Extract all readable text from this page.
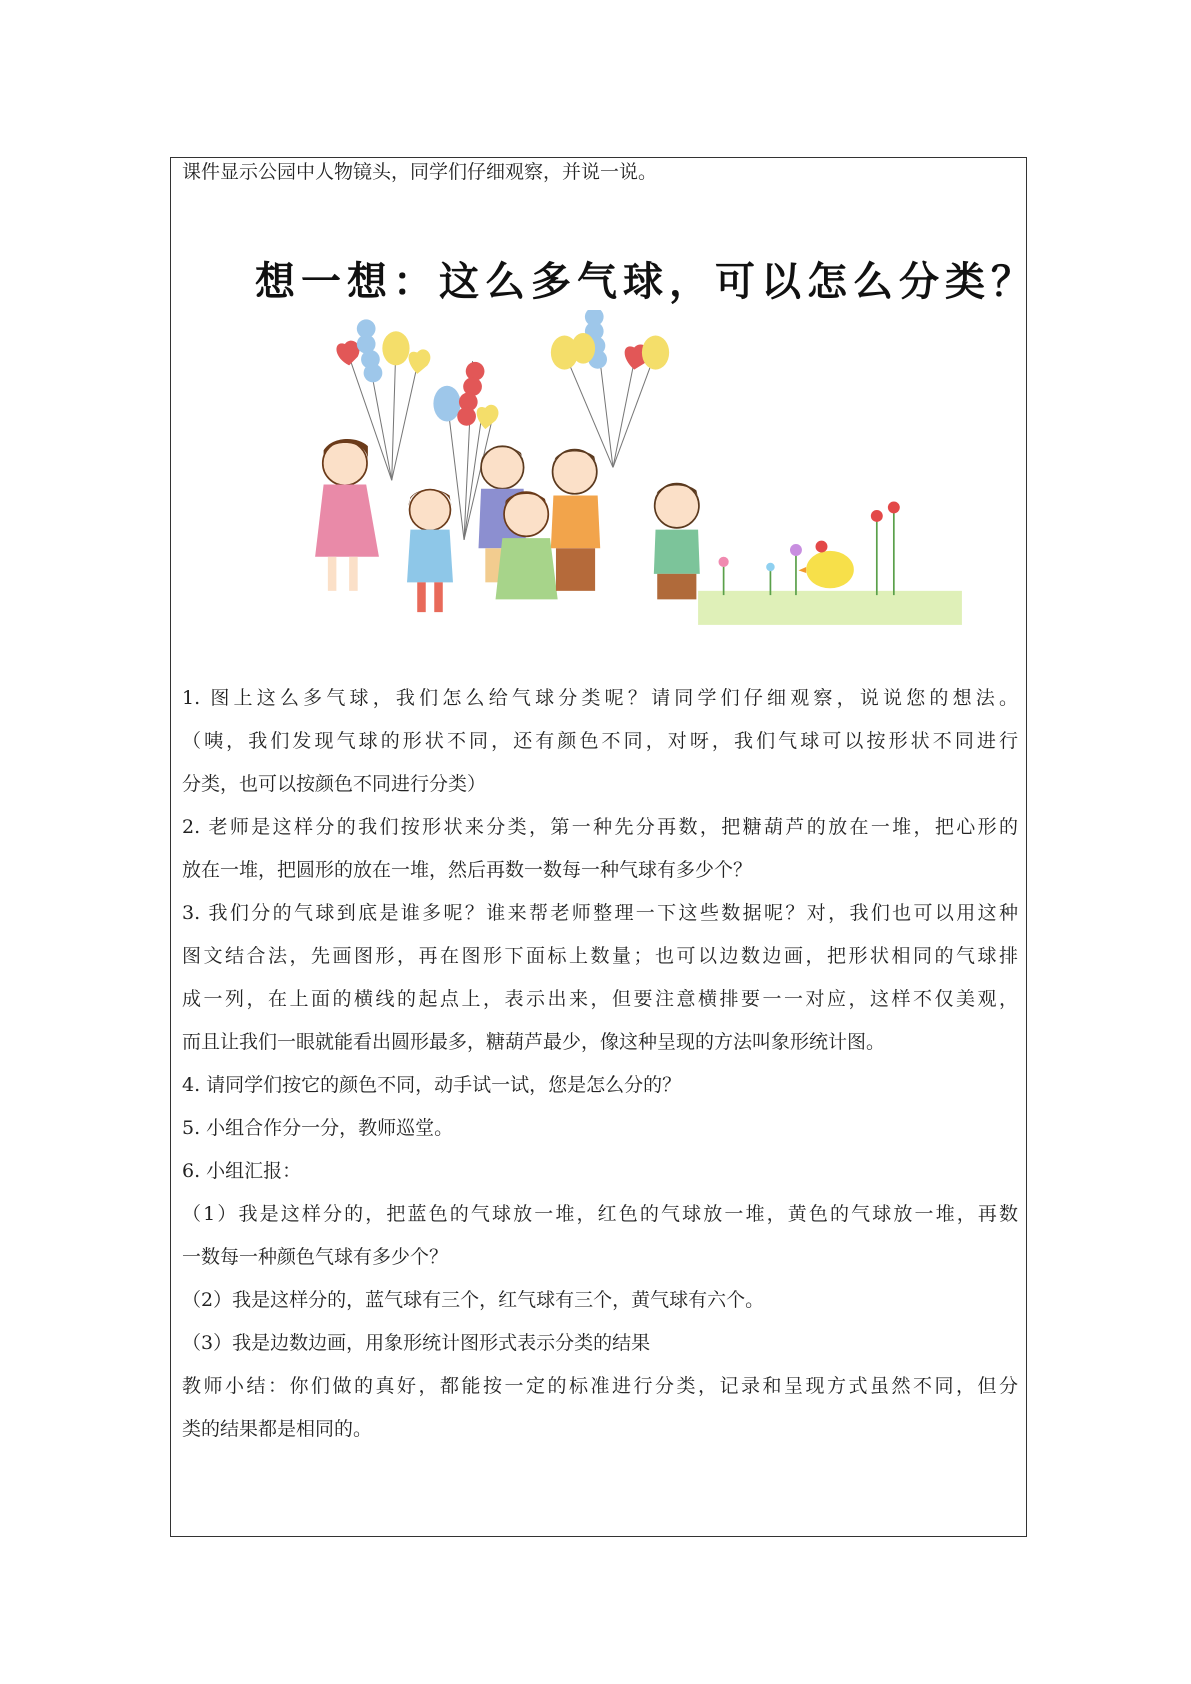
课件显示公园中人物镜头，同学们仔细观察，并说一说。
想一想：这么多气球，可以怎么分类？
1. 图上这么多气球，我们怎么给气球分类呢？请同学们仔细观察，说说您的想法。
（咦，我们发现气球的形状不同，还有颜色不同，对呀，我们气球可以按形状不同进行
分类，也可以按颜色不同进行分类）
2. 老师是这样分的我们按形状来分类，第一种先分再数，把糖葫芦的放在一堆，把心形的
放在一堆，把圆形的放在一堆，然后再数一数每一种气球有多少个？
3. 我们分的气球到底是谁多呢？谁来帮老师整理一下这些数据呢？对，我们也可以用这种
图文结合法，先画图形，再在图形下面标上数量；也可以边数边画，把形状相同的气球排
成一列，在上面的横线的起点上，表示出来，但要注意横排要一一对应，这样不仅美观，
而且让我们一眼就能看出圆形最多，糖葫芦最少，像这种呈现的方法叫象形统计图。
4. 请同学们按它的颜色不同，动手试一试，您是怎么分的？
5. 小组合作分一分，教师巡堂。
6. 小组汇报：
（1）我是这样分的，把蓝色的气球放一堆，红色的气球放一堆，黄色的气球放一堆，再数
一数每一种颜色气球有多少个？
（2）我是这样分的，蓝气球有三个，红气球有三个，黄气球有六个。
（3）我是边数边画，用象形统计图形式表示分类的结果
教师小结：你们做的真好，都能按一定的标准进行分类，记录和呈现方式虽然不同，但分
类的结果都是相同的。
